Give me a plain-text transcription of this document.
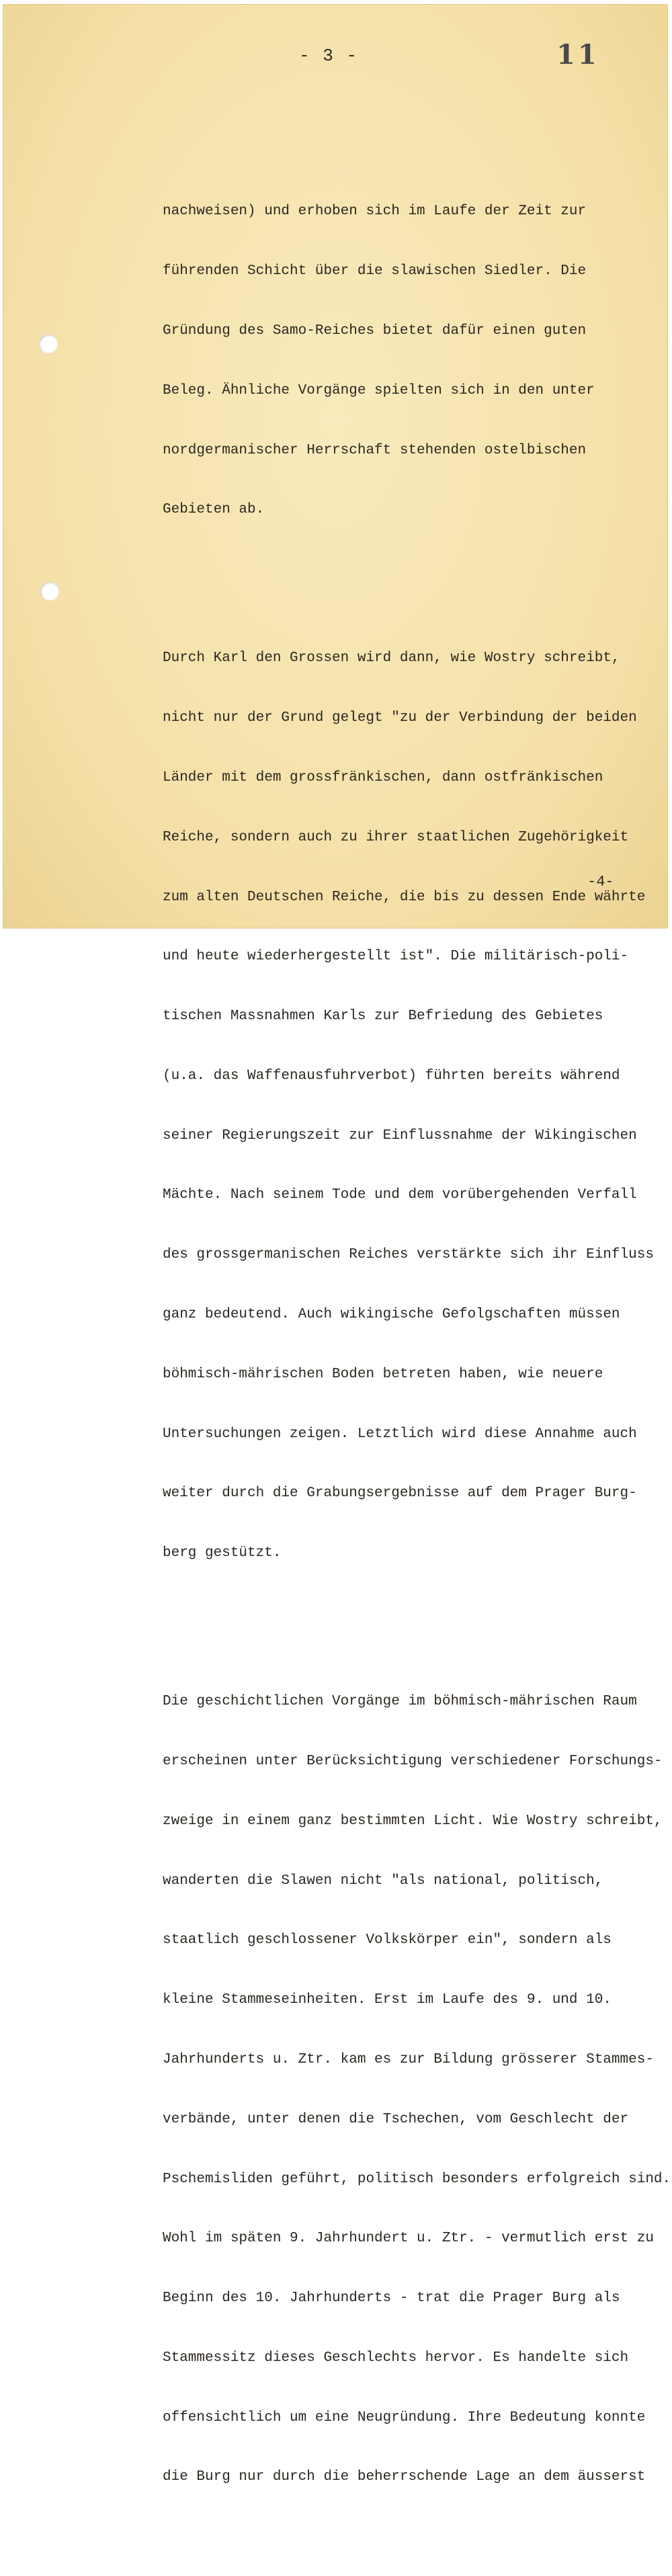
- 3 -	11

nachweisen) und erhoben sich im Laufe der Zeit zur

führenden Schicht über die slawischen Siedler. Die

Gründung des Samo-Reiches bietet dafür einen guten

Beleg. Ähnliche Vorgänge spielten sich in den unter

nordgermanischer Herrschaft stehenden ostelbischen

Gebieten ab.

Durch Karl den Grossen wird dann, wie Wostry schreibt,

nicht nur der Grund gelegt "zu der Verbindung der beiden

Länder mit dem grossfränkischen, dann ostfränkischen

Reiche, sondern auch zu ihrer staatlichen Zugehörigkeit

zum alten Deutschen Reiche, die bis zu dessen Ende währte

und heute wiederhergestellt ist". Die militärisch-poli-

tischen Massnahmen Karls zur Befriedung des Gebietes

(u.a. das Waffenausfuhrverbot) führten bereits während

seiner Regierungszeit zur Einflussnahme der Wikingischen

Mächte. Nach seinem Tode und dem vorübergehenden Verfall

des grossgermanischen Reiches verstärkte sich ihr Einfluss

ganz bedeutend. Auch wikingische Gefolgschaften müssen

böhmisch-mährischen Boden betreten haben, wie neuere

Untersuchungen zeigen. Letztlich wird diese Annahme auch

weiter durch die Grabungsergebnisse auf dem Prager Burg-

berg gestützt.

Die geschichtlichen Vorgänge im böhmisch-mährischen Raum

erscheinen unter Berücksichtigung verschiedener Forschungs-

zweige in einem ganz bestimmten Licht. Wie Wostry schreibt,

wanderten die Slawen nicht "als national, politisch,

staatlich geschlossener Volkskörper ein", sondern als

kleine Stammeseinheiten. Erst im Laufe des 9. und 10.

Jahrhunderts u. Ztr. kam es zur Bildung grösserer Stammes-

verbände, unter denen die Tschechen, vom Geschlecht der

Pschemisliden geführt, politisch besonders erfolgreich sind.

Wohl im späten 9. Jahrhundert u. Ztr. - vermutlich erst zu

Beginn des 10. Jahrhunderts - trat die Prager Burg als

Stammessitz dieses Geschlechts hervor. Es handelte sich

offensichtlich um eine Neugründung. Ihre Bedeutung konnte

die Burg nur durch die beherrschende Lage an dem äusserst

-4-
